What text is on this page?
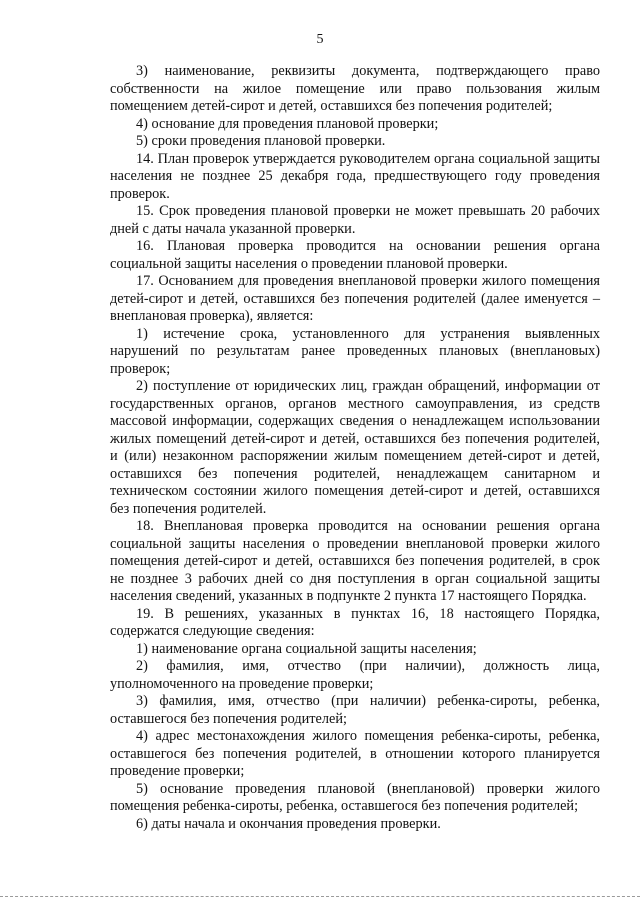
5

3) наименование, реквизиты документа, подтверждающего право собственности на жилое помещение или право пользования жилым помещением детей-сирот и детей, оставшихся без попечения родителей;

4) основание для проведения плановой проверки;

5) сроки проведения плановой проверки.

14. План проверок утверждается руководителем органа социальной защиты населения не позднее 25 декабря года, предшествующего году проведения проверок.

15. Срок проведения плановой проверки не может превышать 20 рабочих дней с даты начала указанной проверки.

16. Плановая проверка проводится на основании решения органа социальной защиты населения о проведении плановой проверки.

17. Основанием для проведения внеплановой проверки жилого помещения детей-сирот и детей, оставшихся без попечения родителей (далее именуется – внеплановая проверка), является:

1) истечение срока, установленного для устранения выявленных нарушений по результатам ранее проведенных плановых (внеплановых) проверок;

2) поступление от юридических лиц, граждан обращений, информации от государственных органов, органов местного самоуправления, из средств массовой информации, содержащих сведения о ненадлежащем использовании жилых помещений детей-сирот и детей, оставшихся без попечения родителей, и (или) незаконном распоряжении жилым помещением детей-сирот и детей, оставшихся без попечения родителей, ненадлежащем санитарном и техническом состоянии жилого помещения детей-сирот и детей, оставшихся без попечения родителей.

18. Внеплановая проверка проводится на основании решения органа социальной защиты населения о проведении внеплановой проверки жилого помещения детей-сирот и детей, оставшихся без попечения родителей, в срок не позднее 3 рабочих дней со дня поступления в орган социальной защиты населения сведений, указанных в подпункте 2 пункта 17 настоящего Порядка.

19. В решениях, указанных в пунктах 16, 18 настоящего Порядка, содержатся следующие сведения:

1) наименование органа социальной защиты населения;

2) фамилия, имя, отчество (при наличии), должность лица, уполномоченного на проведение проверки;

3) фамилия, имя, отчество (при наличии) ребенка-сироты, ребенка, оставшегося без попечения родителей;

4) адрес местонахождения жилого помещения ребенка-сироты, ребенка, оставшегося без попечения родителей, в отношении которого планируется проведение проверки;

5) основание проведения плановой (внеплановой) проверки жилого помещения ребенка-сироты, ребенка, оставшегося без попечения родителей;

6) даты начала и окончания проведения проверки.
